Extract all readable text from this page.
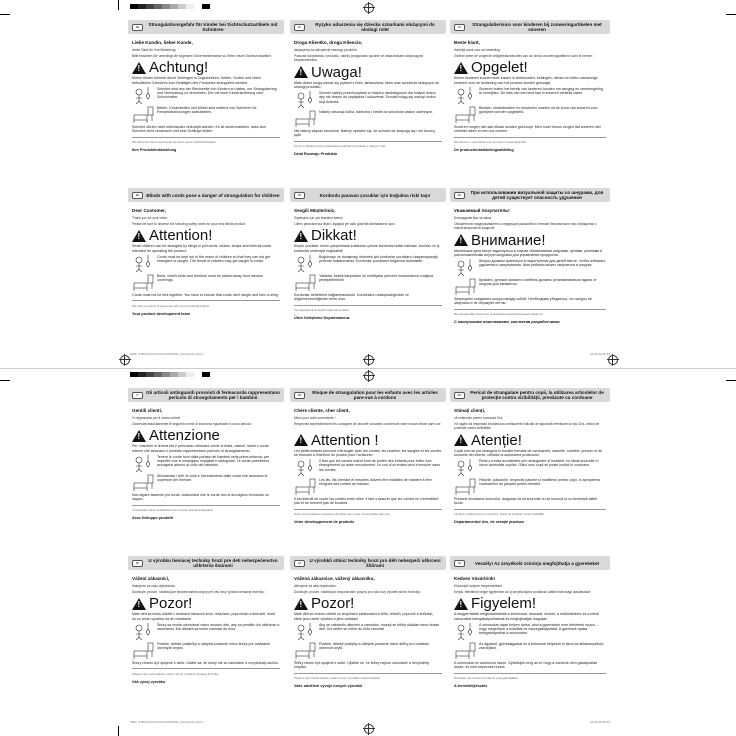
0282_STRANGULATION-WARNING_Kinderbett.indd 1	26.08.19 09:23
0282_STRANGULATION-WARNING_Kinderbett.indd 2	26.08.19 09:23
DE
Strangulationsgefahr für Kinder bei Sichtschutzartikeln mit Schnüren
Liebe Kundin, lieber Kunde,
vielen Dank für Ihre Bestellung.
Bitte beachten Sie unbedingt die folgenden Sicherheitshinweise zu Ihrem neuen Sichtschutzartikel:
!
Achtung!
Kleine Kinder können durch Schlingen in Zugschnüren, Ketten, Gurten und innen befindlichen Schnüren zum Betätigen des Produktes stranguliert werden.
Schnüre sind aus der Reichweite von Kindern zu halten, um Strangulierung und Verwicklung zu vermeiden. Der mit einer Kindersicherung oder Schnurhalter.
Betten, Kinderbetten und Möbel sind entfernt von Schnüren für Fensterabdeckungen aufzustellen.
Schnüre dürfen nicht miteinander verknüpft werden. Es ist sicherzustellen, dass sich Schnüre nicht verwickeln und eine Schlinge bilden.
Wir wünschen Ihnen viel Freude mit Ihrem neuen Sichtschutzartikel.
Ihre Produktentwicklung
PL
Ryzyko uduszenia się dziecka sznurkami służącymi do obsługi rolet
Droga Klientko, droga Kliencie,
dziękujemy za zakupienie naszego produktu.
Podczas korzystania z produktu, należy postępować zgodnie ze wskazówkami dotyczącymi bezpieczeństwa.
!
Uwaga!
Małe dzieci mogą udusić się pętlami z linek, łańcuszków, taśm oraz sznurków służących do obsługi produktu.
Sznurki należy przechowywać w miejscu niedostępnym dla małych dzieci, aby nie doszło do zaplątania i uduszenia. Sznurki mogą się owinąć wokół szyi dziecka.
Należy odsunąć łóżka, łóżeczka i meble od sznurków zasłon okiennych.
Nie należy wiązać sznurków. Należy upewnić się, że sznurki nie skręcają się i nie tworzą pętli.
Życzymy Państwu dużo zadowolenia podczas korzystania z naszych rolet.
Dział Rozwoju Produktu
NL
Strangulatierisico voor kinderen bij zonweringartikelen met snoeren
Beste klant,
Hartelijk dank voor uw bestelling.
Gelieve zeker de volgende veiligheidsinstructies van uw nieuw zonweringsartikel in acht te nemen:
!
Opgelet!
Kleine kinderen kunnen door lussen in trekkoorden, kettingen, riemen en intern aanwezige snoeren voor de bediening van het product worden gewurgd.
Snoeren buiten het bereik van kinderen houden om wurging en verstrengeling te vermijden. De hals van een kind kan in snoeren verstrikt raken.
Bedden, kinderbedden en meubelen moeten uit de buurt van snoeren voor gordijnen worden opgesteld.
Snoeren mogen niet aan elkaar worden geknoopt. Men moet ervoor zorgen dat snoeren niet verstrikt raken en een lus vormen.
We wensen u veel plezier met uw nieuw zonweringsartikel.
De productontwikkelingsafdeling
EN	Blinds with cords pose a danger of strangulation for children
Dear Customer,
Thank you for your order.
Please be sure to observe the following safety notes for your new blinds product:
!
Attention!
Small children can be strangled by slings in pull cords, chains, straps and internal cords intended for operating the product.
Cords must be kept out of the reach of children so that they can not get strangled or caught. The throat of children may get caught in cords.
Beds, child's beds and furniture must be placed away from window coverings.
Cords must not be tied together. You have to ensure that cords don't tangle and form a sling.
We wish you plenty of enjoyment with your new blinds product.
Your product development team
TR	Kordonlu paravan çocuklar için boğulma riski taşır
Sevgili Müşterimiz,
Siparişiniz için çok teşekkür ederiz.
Lütfen paravanınıza ilişkin, aşağıda yer alan güvenlik talimatlarına uyun.
!
Dikkat!
Küçük çocuklar, ürünü çalıştırmada kullanılan çekme kordonlarındaki halkalar, zincirler ve iç kordonlar nedeniyle boğulabilir.
Boğulmayı ve dolaşmayı önlemek için kordonlar çocukların ulaşamayacağı yerlerde saklanmalıdır. Kordonlar çocukların boğazına dolanabilir.
Yataklar, bebek karyolaları ve mobilyalar pencere kordonlarının uzağına yerleştirilmelidir.
Kordonlar birbirlerine bağlanmamalıdır. Kordonların dolaşmadığından ve düğümlenmediğinden emin olun.
Yeni paravanınızın keyfini çıkarmanızı dileriz.
Ürün Geliştirme Departmanınız
RU
При использовании визуальной защиты со шнурами, для детей существует опасность удушения
Уважаемый покупатель!
Благодарим Вас за заказ.
Обязательно придерживайтесь следующих указаний по технике безопасности при обращении с новой визуальной защитой:
!
Внимание!
Маленькие дети могут задохнуться в случае обматывания шнурами, цепями, ремнями и расположенными внутри шнурами для управления продуктом.
Шнуры должны храниться в недоступном для детей месте, чтобы избежать удушения и запутывания. Шея ребенка может запутаться в шнурах.
Кровати, детские кровати и мебель должны устанавливаться вдали от шнуров для занавесок.
Запрещено соединять шнуры между собой. Необходимо убедиться, что шнуры не запутаны и не образуют петлю.
Мы желаем Вам приятного пользования новой визуальной защитой.
С наилучшими пожеланиями, коллектив разработчиков
IT
Gli articoli antisguardi provvisti di fermacorda rappresentano pericolo di strangolamento per i bambini
Gentili clienti,
Vi ringraziamo per il vostro ordine!
Osservate assolutamente le seguenti norme di sicurezza riguardanti il nuovo articolo:
!
Attenzione
Per i bambini in tenera età è pericoloso utilizzare corde di tirata, catene, nastri e corde interne che azionano il prodotto rappresentano pericolo di strangolamento.
Tenere le corde fuori dalla portata dei bambini nella prima infanzia, per impedire che si rimangano impigliati e strangolati. Le corde potrebbero avvolgersi attorno al collo del bambino.
Allontanare i letti, le culle e l'arredamento dalle corde che azionano le coperture per finestre.
Non legare assieme più corde. Assicurarsi che le corde non si avvolgano formando un cappio.
Vi auguriamo tante soddisfazioni con il nuovo articolo antisguardi.
Area Sviluppo prodotti
FR
Risque de strangulation pour les enfants avec les articles pare-vue à cordons
Chère cliente, cher client,
Merci pour votre commande !
Respectez impérativement les consignes de sécurité suivantes concernant votre nouvel article pare-vue :
!
Attention !
Les petits enfants peuvent s'étrangler avec les cordes, les chaînes, les sangles et les cordes se trouvant à l'intérieur du produit pour l'actionner.
Il faut que les cordes soient hors de portée des enfants pour éviter tout étranglement ou autre enroulement. Le cou d'un enfant peut s'enrouler dans les cordes.
Les lits, lits d'enfant et meubles doivent être installés de manière à être éloignés des cordes de rideaux.
Il est interdit de nouer les cordes entre elles. Il faut s'assurer que les cordes ne s'emmêlent pas et ne forment pas de boucles.
Nous vous souhaitons beaucoup de plaisir avec votre nouvel article pare-vue.
Votre développement de produits
RO
Pericol de strangulare pentru copii, la utilizarea articolelor de protecție contra vizibilității, prevăzute cu cordoane
Stimați clienți,
vă mulțumim pentru comanda Dvs.
Vă rugăm să respectați întotdeauna următoarele indicații de siguranță referitoare la noul Dvs. articol de protecție contra vizibilității:
!
Atenție!
Copiii mici se pot strangula în buclele formate de cordoanele, lanțurile, curelele, precum și de șnururile din interior, utilizate la acționarea produsului.
Pentru a evita accidentele prin strangulare și încâlcire, nu lăsați șnururile în locuri accesibile copiilor. Gâtul unui copil se poate încâlci în cordoane.
Paturile, patuțurile, respectiv paturile și mobilierul pentru copii, în apropierea cordoanelor de jaluzele pentru ferestre.
Prevenți înnodarea șnururilor. Asigurați-vă că șnururile nu se încurcă și nu formează astfel bucle.
Vă dorim multă bucurie cu noul Dvs. articol de protecție contra vizibilității.
Departamentul dvs. de creație produse
SK
U výrobku tieniacej techniky hrozí pre deti nebezpečenstvo uškrtenia šnúrami
Vážení zákazníci,
ďakujeme za vašu objednávku.
Dodržujte, prosím, nasledujúce bezpečnostné pokyny pre váš nový výrobok tieniacej techniky:
!
Pozor!
Malé deti sa môžu uškrtiť v slučkách ťahacích šnúr, reťaziach, popruhoch a šnúrach, ktoré sú vo vnútri výrobku na ich ovládanie.
Šnúry sa musia uchovávať mimo dosahu detí, aby sa predišlo ich uškrteniu a zamotaniu. Krk dieťaťa sa môže zamotať do šnúr.
Postele, detské postieľky a nábytok postavte mimo šnúry pre ovládanie okenných krytov.
Šnúry nesmú byť spojené k sebe. Uistite sa, že šnúry nie sú zamotané a nevytvárajú slučku.
Prajeme vám veľa radosti s vaším novým výrobkom tieniacej techniky.
Váš vývoj výrobku
CZ
U výrobků stínicí techniky hrozí pro děti nebezpečí uškrcení šňůrami
Vážená zákaznice, vážený zákazníku,
děkujeme za vaši objednávku.
Dodržujte, prosím, následující bezpečnostní pokyny pro váš nový výrobek stínicí techniky:
!
Pozor!
Malé děti se mohou uškrtit ve smyčkách zatahovacích šňůr, řetízků, popruhů a šňůrách, které jsou uvnitř výrobku k jeho ovládání.
Aby se zabránilo uškrcení a zamotání, musejí se šňůry ukládat mimo dosah dětí. Krk dítěte se může do šňůr zamotat.
Postele, dětské postýlky a nábytek postavte mimo šňůry pro ovládání okenních krytů.
Šňůry nesmí být spojené k sobě. Ujistěte se, že šňůry nejsou zamotané a nevytvářejí smyčku.
Přejeme vám hodně radosti s vaším novým výrobkem stínicí techniky.
Vaše oddělení vývoje nových výrobků
HU	Veszély! Az árnyékoló zsinórja megfojthatja a gyerekeket
Kedves Vásárlónk!
Köszönjük szépen megrendelését.
Kérjük, feltétlenül vegye figyelembe az új árnyékolójára vonatkozó alábbi biztonsági utasításokat:
!
Figyelem!
A kisgyermekek megfulladhatnak a zsinórokat, láncokat, öveket, a működtetésre és a belső zsinórokba belegabalyodhatnak és megfojthatják magukat.
A zsinórokat olyan helyen tartsa, ahol a gyermekek nem férhetnek hozzá – hogy megelőzze a fulladást és összegabalyodást. A gyerekek nyaka belegabalyodhat a zsinórokba.
Az ágyakat, gyerekágyakat és a bútorokat helyezze el távol az ablakárnyékoló zsinórjaitól.
A zsinórokat ne csomózza össze. Győződjön meg arról, hogy a zsinórok nem gabalyodtak össze, és nem képeznek hurkot.
Reméljük, sok örömet lel majd az új árnyékolójában.
A termékfejlesztés
